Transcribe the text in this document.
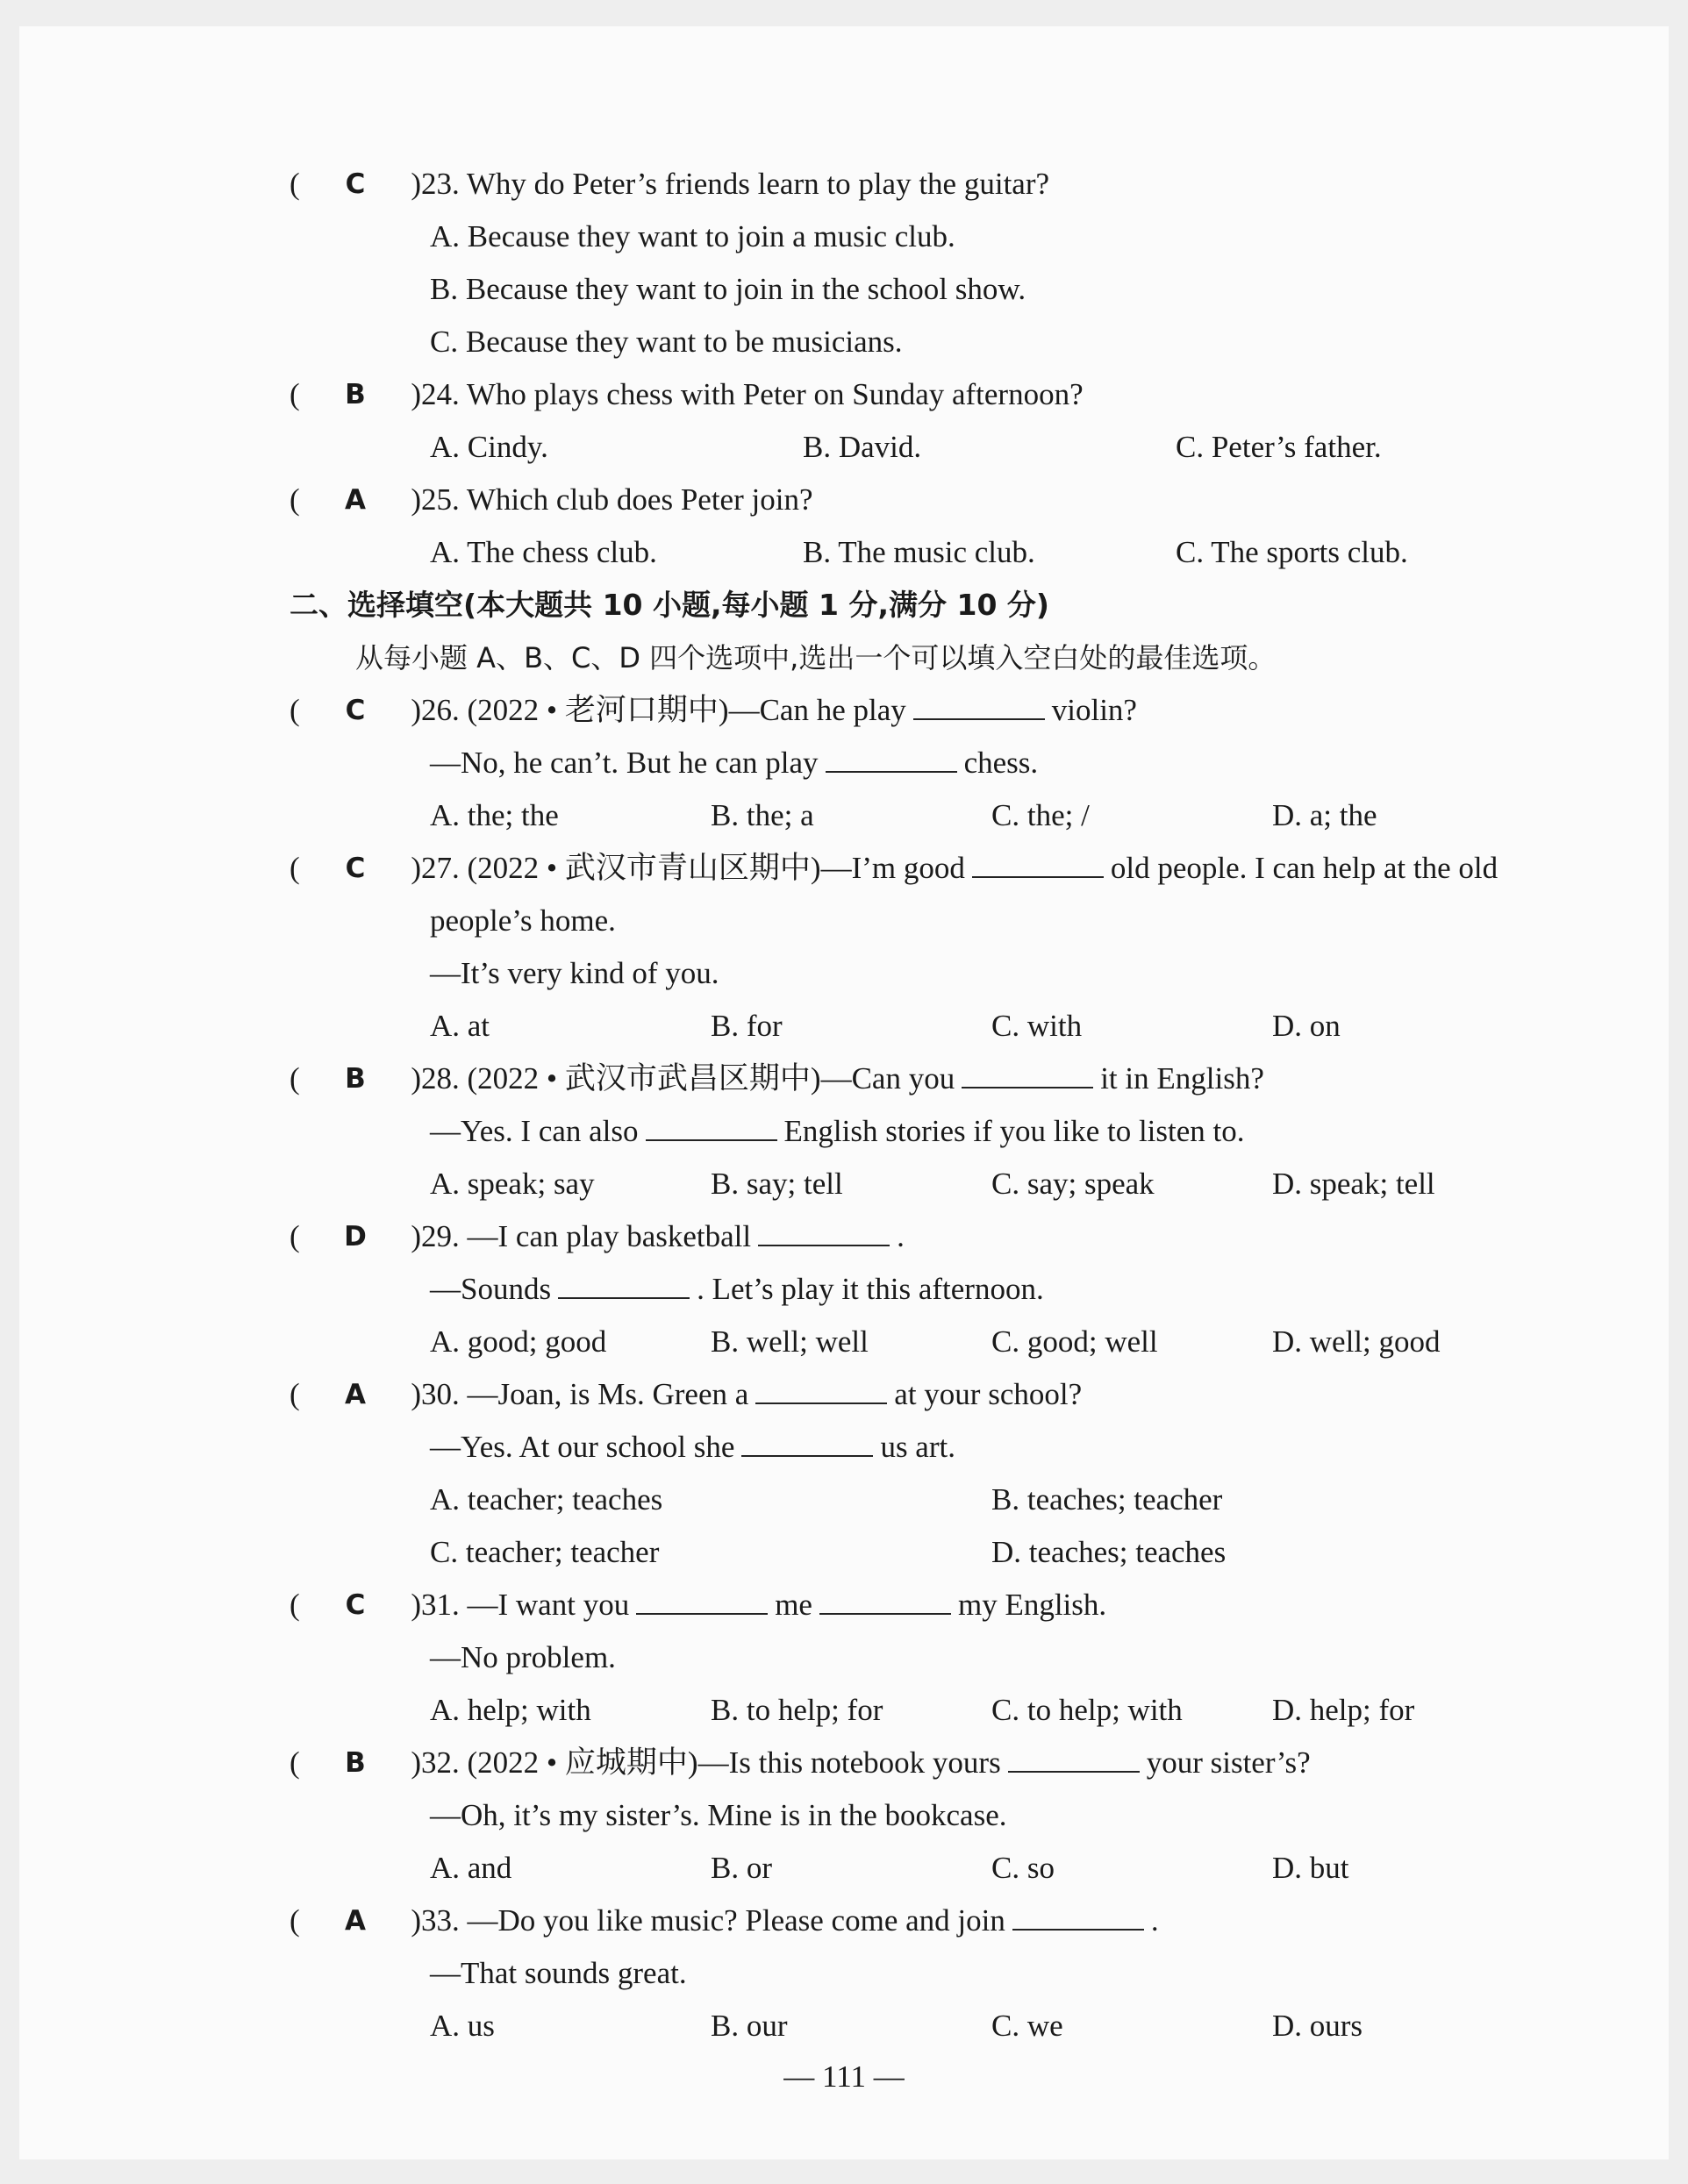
( C ) 23. Why do Peter’s friends learn to play the guitar?
A. Because they want to join a music club.
B. Because they want to join in the school show.
C. Because they want to be musicians.
( B ) 24. Who plays chess with Peter on Sunday afternoon?
A. Cindy.	B. David.	C. Peter’s father.
( A ) 25. Which club does Peter join?
A. The chess club.	B. The music club.	C. The sports club.
二、选择填空(本大题共 10 小题,每小题 1 分,满分 10 分)
从每小题 A、B、C、D 四个选项中,选出一个可以填入空白处的最佳选项。
( C ) 26. (2022 • 老河口期中)—Can he play	violin?
—No, he can’t. But he can play	chess.
A. the; the	B. the; a	C. the; /	D. a; the
( C ) 27. (2022 • 武汉市青山区期中)—I’m good	old people. I can help at the old
people’s home.
—It’s very kind of you.
A. at	B. for	C. with	D. on
( B ) 28. (2022 • 武汉市武昌区期中)—Can you	it in English?
—Yes. I can also	English stories if you like to listen to.
A. speak; say	B. say; tell	C. say; speak	D. speak; tell
( D ) 29. —I can play basketball	.
—Sounds	. Let’s play it this afternoon.
A. good; good	B. well; well	C. good; well	D. well; good
( A ) 30. —Joan, is Ms. Green a	at your school?
—Yes. At our school she	us art.
A. teacher; teaches	B. teaches; teacher
C. teacher; teacher	D. teaches; teaches
( C ) 31. —I want you	me	my English.
—No problem.
A. help; with	B. to help; for	C. to help; with	D. help; for
( B ) 32. (2022 • 应城期中)—Is this notebook yours	your sister’s?
—Oh, it’s my sister’s. Mine is in the bookcase.
A. and	B. or	C. so	D. but
( A ) 33. —Do you like music? Please come and join	.
—That sounds great.
A. us	B. our	C. we	D. ours
— 111 —
